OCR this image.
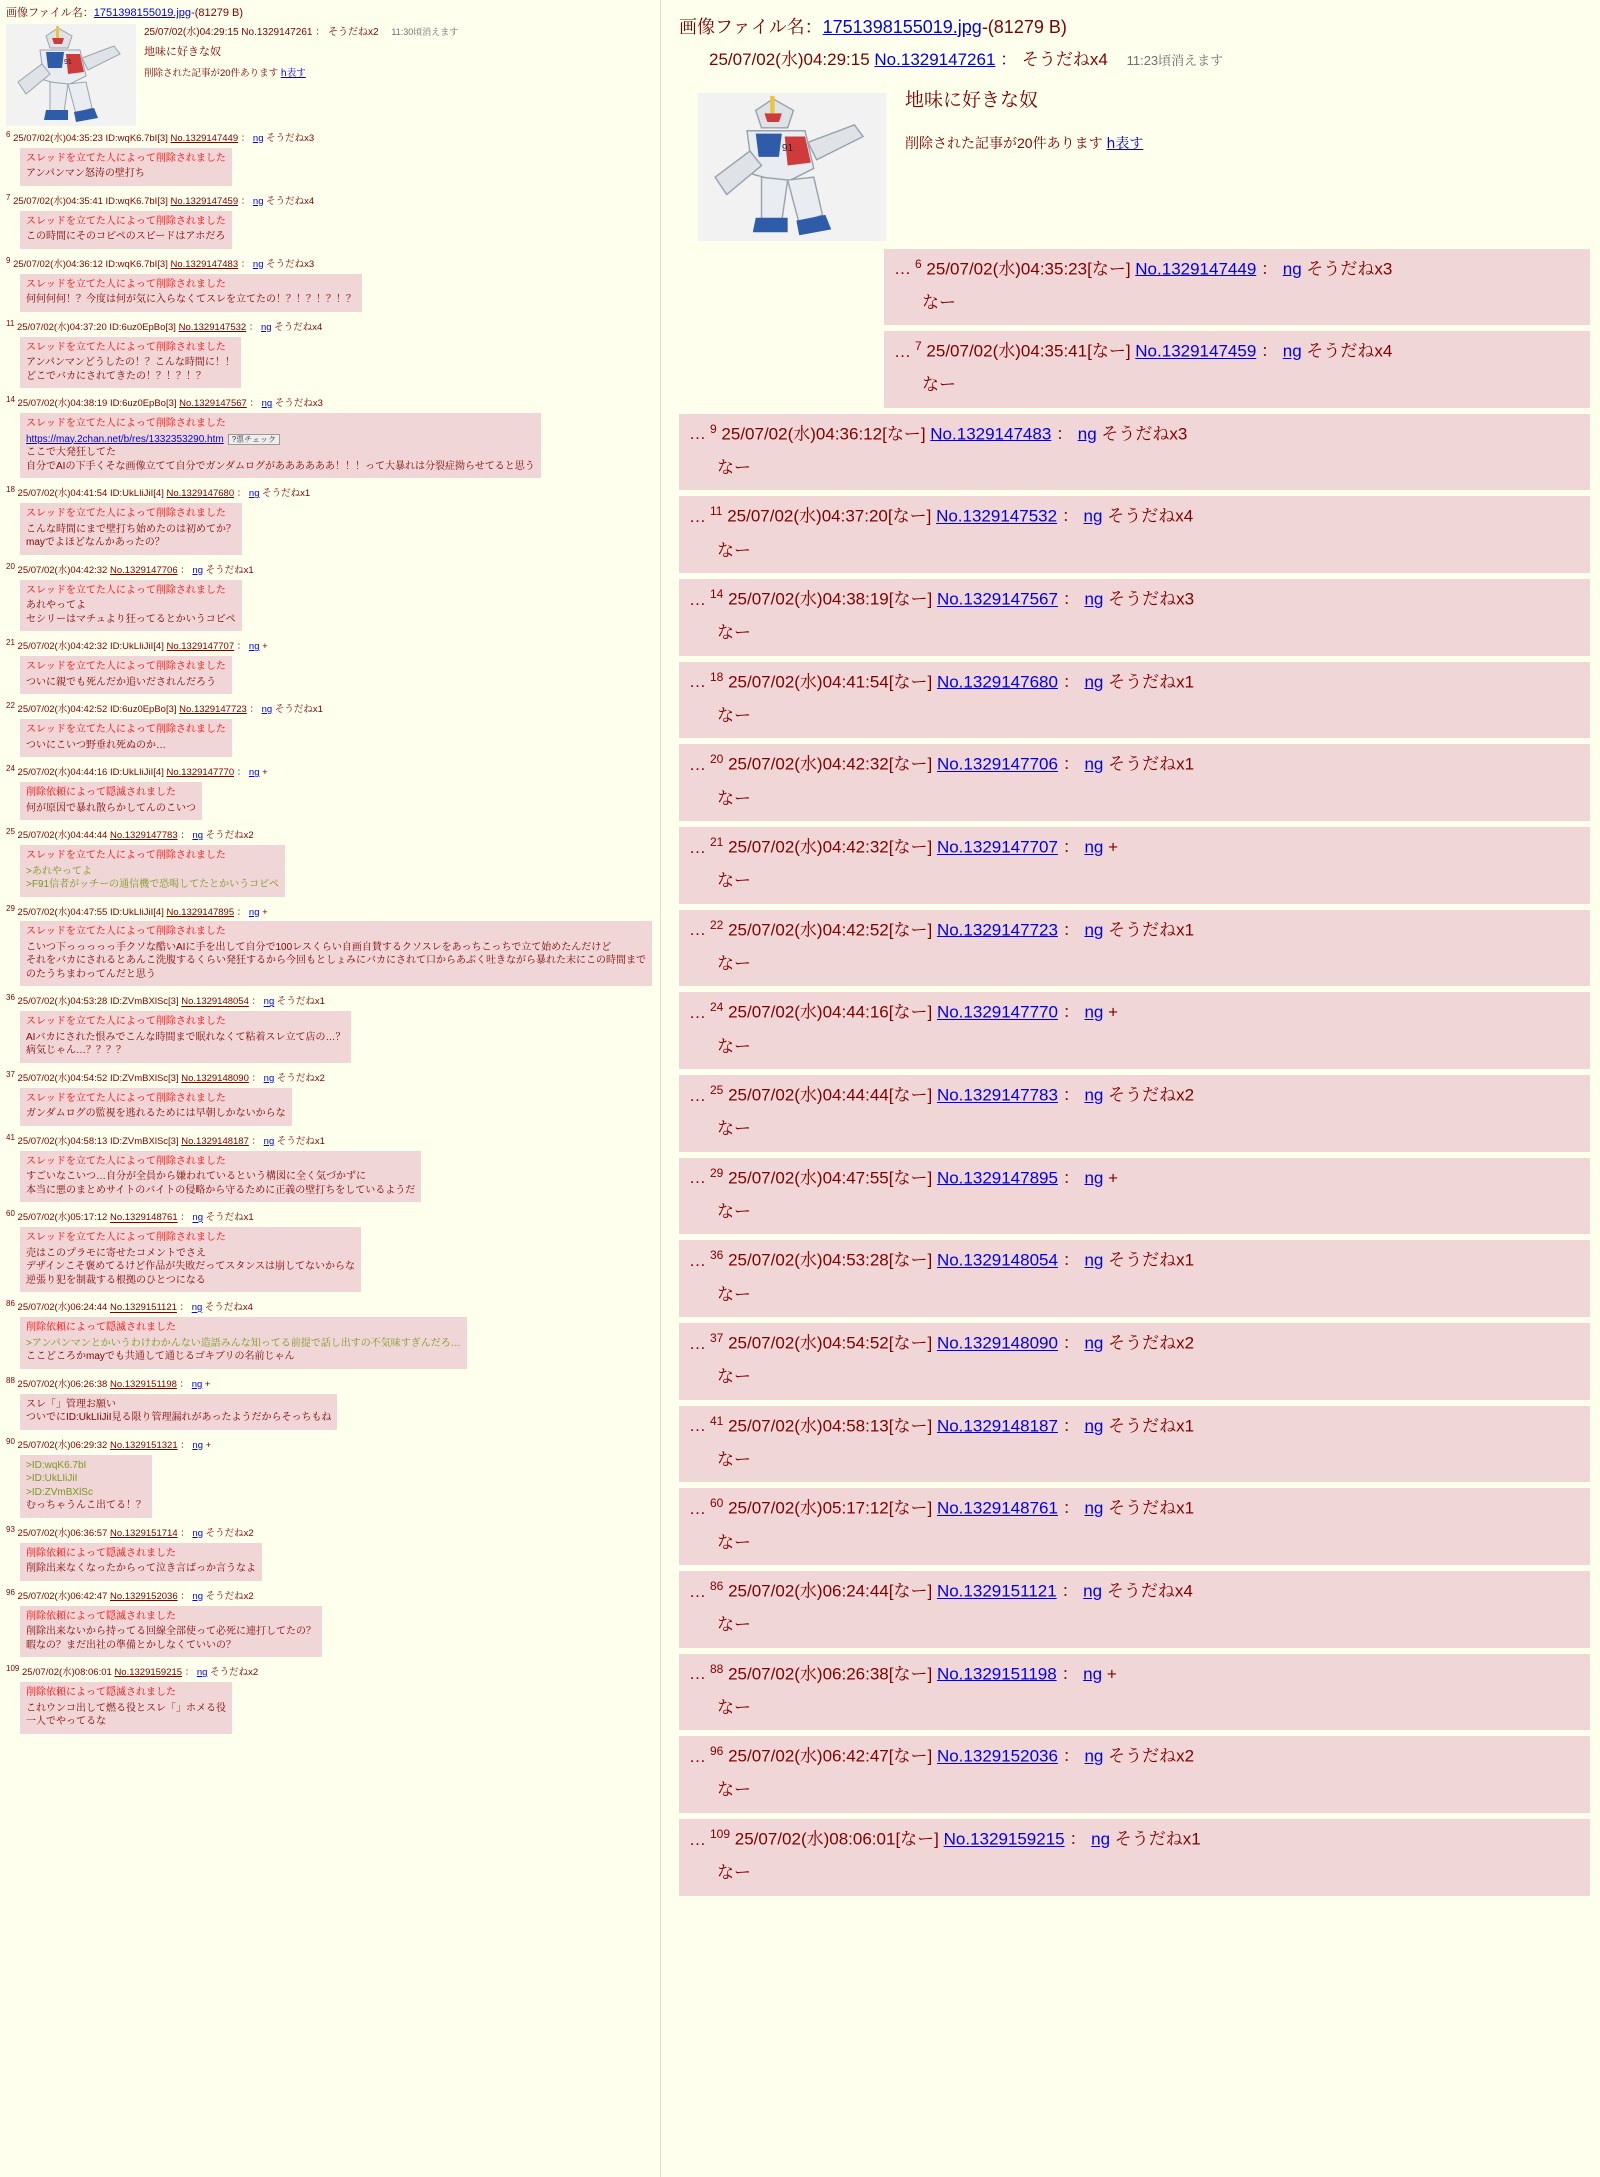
画像ファイル名：1751398155019.jpg-(81279 B)
91
25/07/02(水)04:29:15 No.1329147261 ： そうだねx2 11:30頃消えます
地味に好きな奴
削除された記事が20件あります հ表す
$^6$ 25/07/02(水)04:35:23 ID:wqK6.7bI[3] No.1329147449 ： ng そうだねx3
スレッドを立てた人によって削除されました
アンパンマン怒涛の壁打ち

$^7$ 25/07/02(水)04:35:41 ID:wqK6.7bI[3] No.1329147459 ： ng そうだねx4
スレッドを立てた人によって削除されました
この時間にそのコピペのスピードはアホだろ

$^9$ 25/07/02(水)04:36:12 ID:wqK6.7bI[3] No.1329147483 ： ng そうだねx3
スレッドを立てた人によって削除されました
何何何何！？今度は何が気に入らなくてスレを立てたの！？！？！？！？

$^{11}$ 25/07/02(水)04:37:20 ID:6uz0EpBo[3] No.1329147532 ： ng そうだねx4
スレッドを立てた人によって削除されました
アンパンマンどうしたの！？こんな時間に！！
どこでバカにされてきたの！？！？！？

$^{14}$ 25/07/02(水)04:38:19 ID:6uz0EpBo[3] No.1329147567 ： ng そうだねx3
スレッドを立てた人によって削除されました
https://may.2chan.net/b/res/1332353290.htm ?票チェック
ここで大発狂してた
自分でAIの下手くそな画像立てて自分でガンダムログがああああああ！！！って大暴れは分裂症拗らせてると思う

$^{18}$ 25/07/02(水)04:41:54 ID:UkLIiJiI[4] No.1329147680 ： ng そうだねx1
スレッドを立てた人によって削除されました
こんな時間にまで壁打ち始めたのは初めてか？
mayでよほどなんかあったの？

$^{20}$ 25/07/02(水)04:42:32 No.1329147706 ： ng そうだねx1
スレッドを立てた人によって削除されました
あれやってよ
セシリーはマチュより狂ってるとかいうコピペ

$^{21}$ 25/07/02(水)04:42:32 ID:UkLIiJiI[4] No.1329147707 ： ng +
スレッドを立てた人によって削除されました
ついに親でも死んだか追いだされんだろう

$^{22}$ 25/07/02(水)04:42:52 ID:6uz0EpBo[3] No.1329147723 ： ng そうだねx1
スレッドを立てた人によって削除されました
ついにこいつ野垂れ死ぬのか…

$^{24}$ 25/07/02(水)04:44:16 ID:UkLIiJiI[4] No.1329147770 ： ng +
削除依頼によって隠滅されました
何が原因で暴れ散らかしてんのこいつ

$^{25}$ 25/07/02(水)04:44:44 No.1329147783 ： ng そうだねx2
スレッドを立てた人によって削除されました
>あれやってよ
>F91信者がッチーの通信機で恐喝してたとかいうコピペ

$^{29}$ 25/07/02(水)04:47:55 ID:UkLIiJiI[4] No.1329147895 ： ng +
スレッドを立てた人によって削除されました
こいつ下っっっっっ手クソな酷いAIに手を出して自分で100レスくらい自画自賛するクソスレをあっちこっちで立て始めたんだけど
それをバカにされるとあんこ洗腹するくらい発狂するから今回もとしょみにバカにされて口からあぶく吐きながら暴れた末にこの時間までのたうちまわってんだと思う

$^{36}$ 25/07/02(水)04:53:28 ID:ZVmBXlSc[3] No.1329148054 ： ng そうだねx1
スレッドを立てた人によって削除されました
AIバカにされた恨みでこんな時間まで眠れなくて粘着スレ立て店の…？
病気じゃん…？？？？

$^{37}$ 25/07/02(水)04:54:52 ID:ZVmBXlSc[3] No.1329148090 ： ng そうだねx2
スレッドを立てた人によって削除されました
ガンダムログの監視を逃れるためには早朝しかないからな

$^{41}$ 25/07/02(水)04:58:13 ID:ZVmBXlSc[3] No.1329148187 ： ng そうだねx1
スレッドを立てた人によって削除されました
すごいなこいつ…自分が全員から嫌われているという構図に全く気づかずに
本当に悪のまとめサイトのバイトの侵略から守るために正義の壁打ちをしているようだ

$^{60}$ 25/07/02(水)05:17:12 No.1329148761 ： ng そうだねx1
スレッドを立てた人によって削除されました
売はこのプラモに寄せたコメントでさえ
デザインこそ褒めてるけど作品が失敗だってスタンスは崩してないからな
逆張り犯を制裁する根拠のひとつになる

$^{86}$ 25/07/02(水)06:24:44 No.1329151121 ： ng そうだねx4
削除依頼によって隠滅されました
>アンパンマンとかいうわけわかんない造語みんな知ってる前提で話し出すの不気味すぎんだろ…
ここどころかmayでも共通して通じるゴキブリの名前じゃん

$^{88}$ 25/07/02(水)06:26:38 No.1329151198 ： ng +
スレ「」管理お願い
ついでにID:UkLIiJiI見る限り管理漏れがあったようだからそっちもね

$^{90}$ 25/07/02(水)06:29:32 No.1329151321 ： ng +
>ID:wqK6.7bI
>ID:UkLIiJiI
>ID:ZVmBXlSc
むっちゃうんこ出てる！？

$^{93}$ 25/07/02(水)06:36:57 No.1329151714 ： ng そうだねx2
削除依頼によって隠滅されました
削除出来なくなったからって泣き言ばっか言うなよ

$^{96}$ 25/07/02(水)06:42:47 No.1329152036 ： ng そうだねx2
削除依頼によって隠滅されました
削除出来ないから持ってる回線全部使って必死に連打してたの？
暇なの？まだ出社の準備とかしなくていいの？

$^{109}$ 25/07/02(水)08:06:01 No.1329159215 ： ng そうだねx2
削除依頼によって隠滅されました
これウンコ出して燃る役とスレ「」ホメる役
一人でやってるな

画像ファイル名：1751398155019.jpg-(81279 B)
25/07/02(水)04:29:15 No.1329147261 ： そうだねx4 11:23頃消えます
91
地味に好きな奴
削除された記事が20件あります հ表す
… $^6$ 25/07/02(水)04:35:23[なー] No.1329147449 ： ng そうだねx3
なー
… $^7$ 25/07/02(水)04:35:41[なー] No.1329147459 ： ng そうだねx4
なー
… $^9$ 25/07/02(水)04:36:12[なー] No.1329147483 ： ng そうだねx3
なー
… $^{11}$ 25/07/02(水)04:37:20[なー] No.1329147532 ： ng そうだねx4
なー
… $^{14}$ 25/07/02(水)04:38:19[なー] No.1329147567 ： ng そうだねx3
なー
… $^{18}$ 25/07/02(水)04:41:54[なー] No.1329147680 ： ng そうだねx1
なー
… $^{20}$ 25/07/02(水)04:42:32[なー] No.1329147706 ： ng そうだねx1
なー
… $^{21}$ 25/07/02(水)04:42:32[なー] No.1329147707 ： ng +
なー
… $^{22}$ 25/07/02(水)04:42:52[なー] No.1329147723 ： ng そうだねx1
なー
… $^{24}$ 25/07/02(水)04:44:16[なー] No.1329147770 ： ng +
なー
… $^{25}$ 25/07/02(水)04:44:44[なー] No.1329147783 ： ng そうだねx2
なー
… $^{29}$ 25/07/02(水)04:47:55[なー] No.1329147895 ： ng +
なー
… $^{36}$ 25/07/02(水)04:53:28[なー] No.1329148054 ： ng そうだねx1
なー
… $^{37}$ 25/07/02(水)04:54:52[なー] No.1329148090 ： ng そうだねx2
なー
… $^{41}$ 25/07/02(水)04:58:13[なー] No.1329148187 ： ng そうだねx1
なー
… $^{60}$ 25/07/02(水)05:17:12[なー] No.1329148761 ： ng そうだねx1
なー
… $^{86}$ 25/07/02(水)06:24:44[なー] No.1329151121 ： ng そうだねx4
なー
… $^{88}$ 25/07/02(水)06:26:38[なー] No.1329151198 ： ng +
なー
… $^{96}$ 25/07/02(水)06:42:47[なー] No.1329152036 ： ng そうだねx2
なー
… $^{109}$ 25/07/02(水)08:06:01[なー] No.1329159215 ： ng そうだねx1
なー
